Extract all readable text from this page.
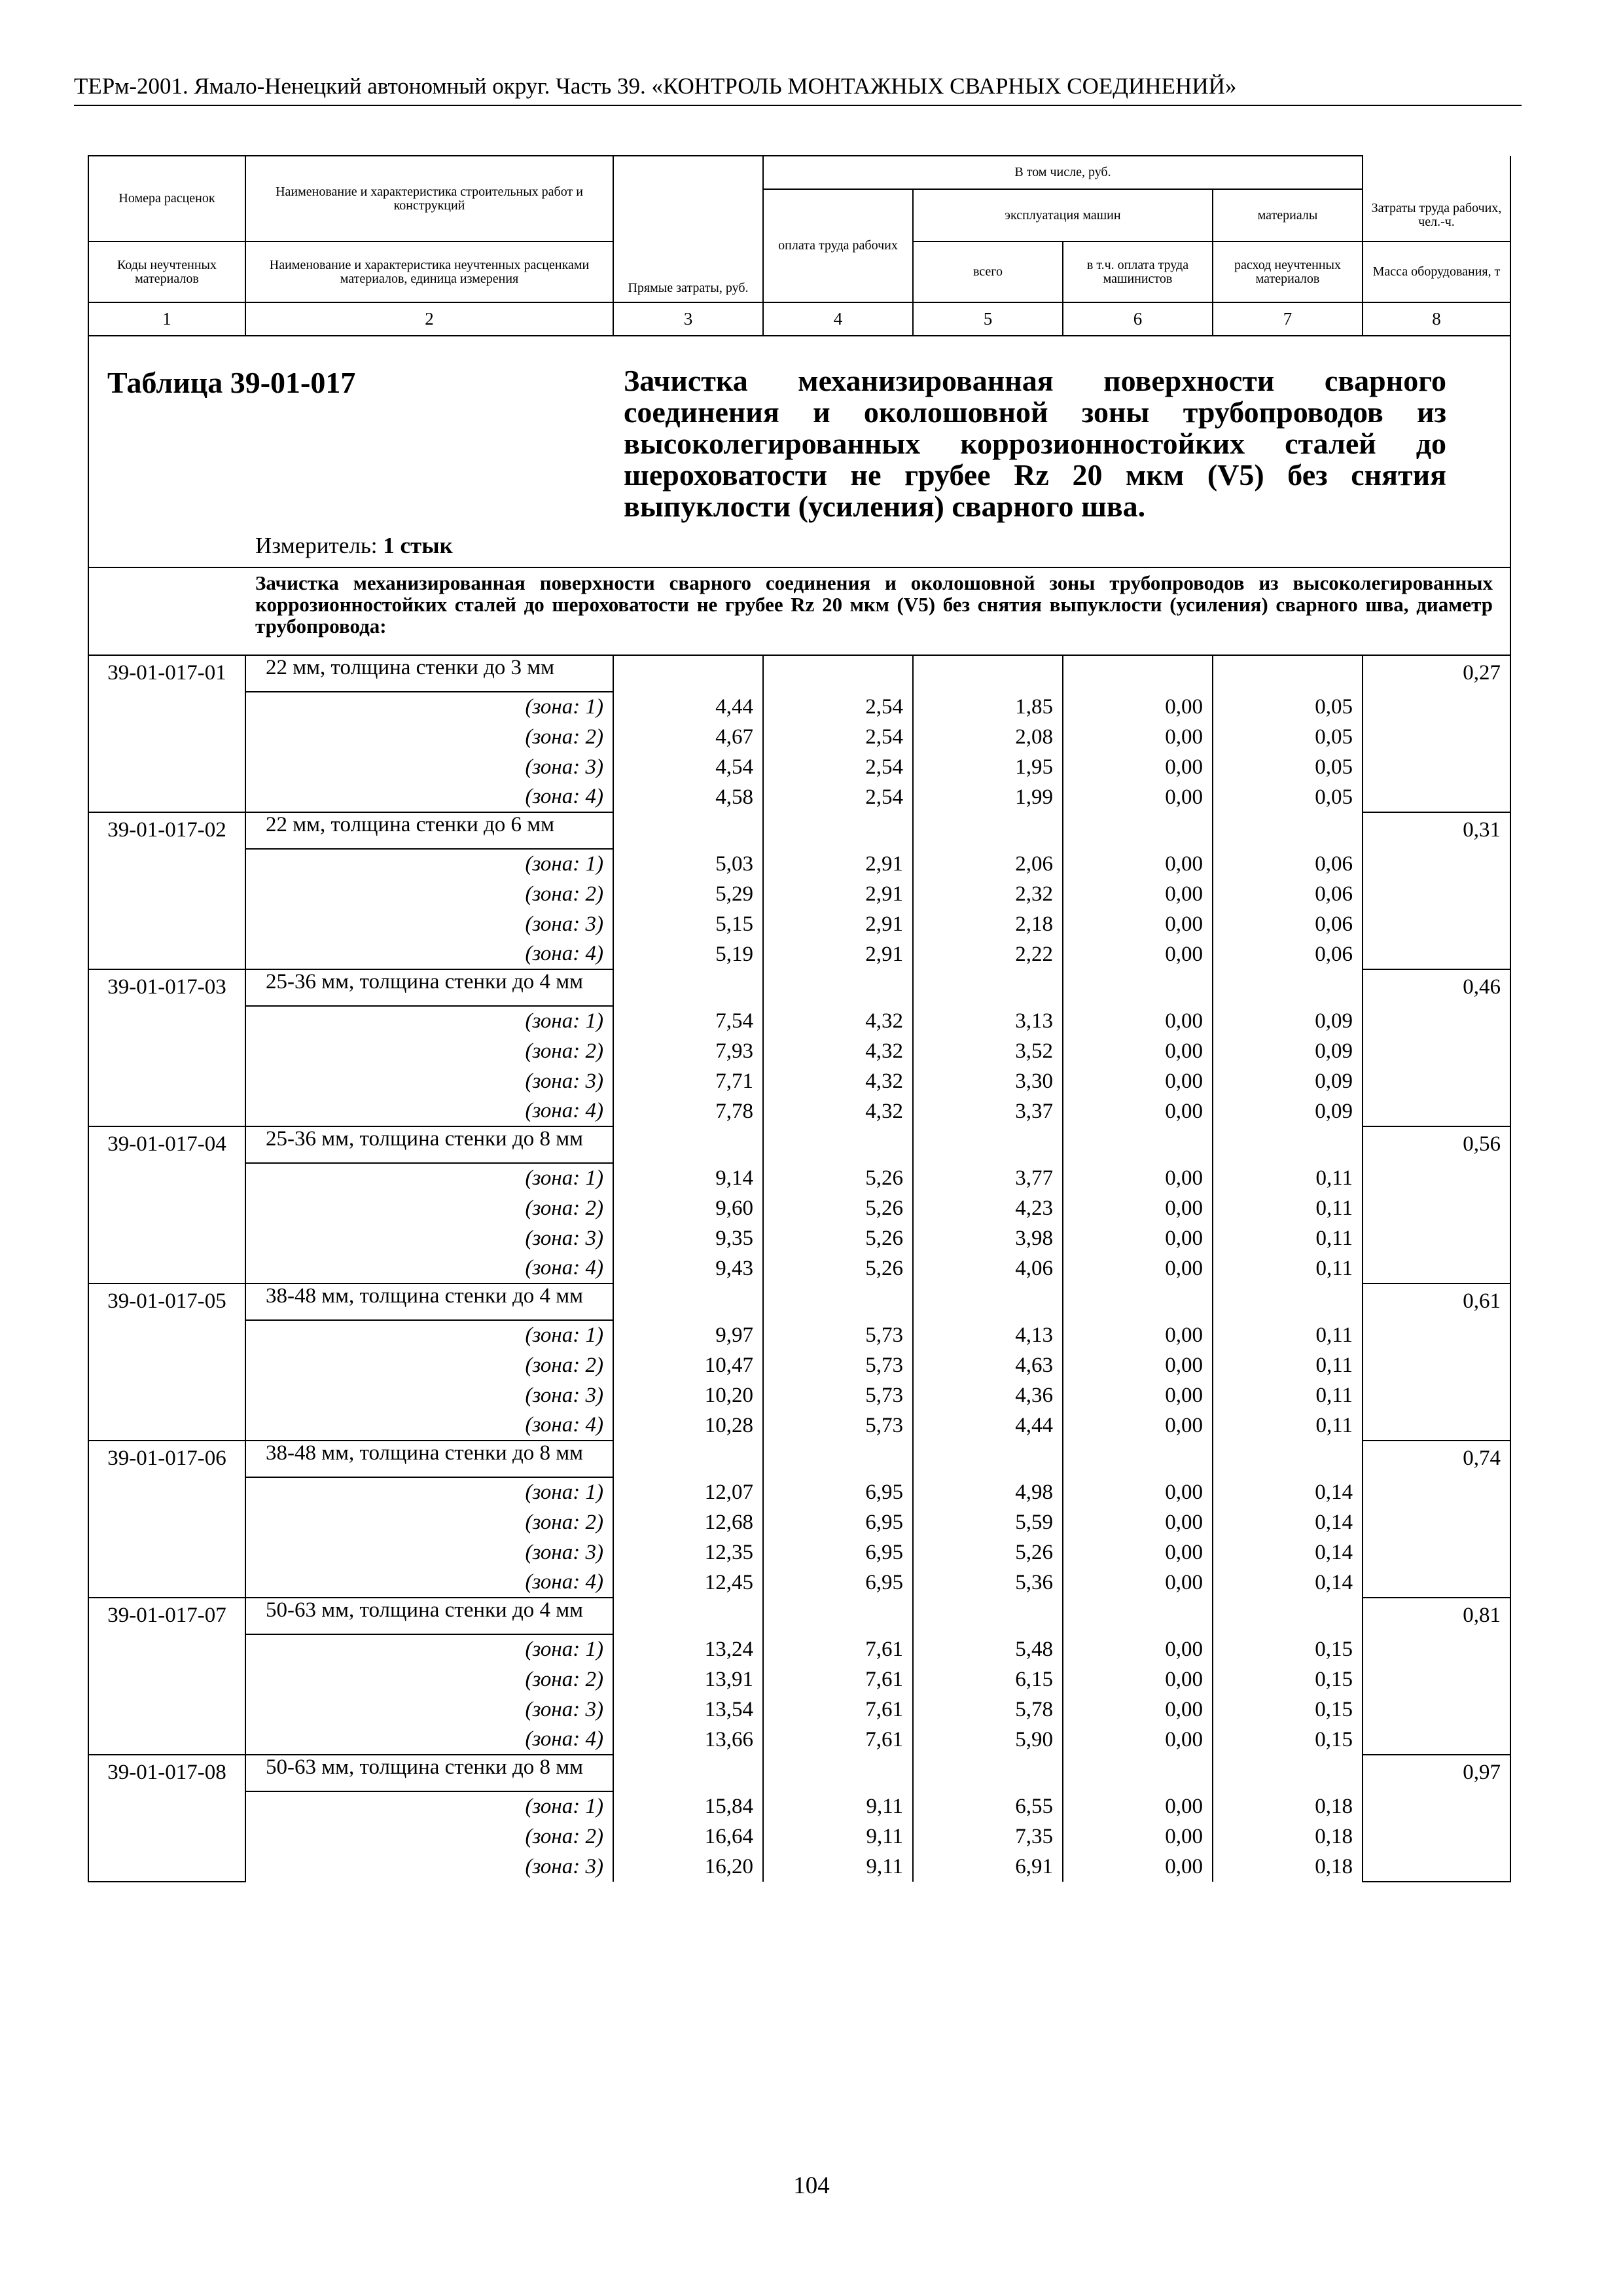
ТЕРм-2001. Ямало-Ненецкий автономный округ. Часть 39. «КОНТРОЛЬ МОНТАЖНЫХ СВАРНЫХ СОЕДИНЕНИЙ»
Номера расценок	Наименование и характеристика строительных работ и конструкций	Прямые затраты, руб.	В том числе, руб.				
			оплата труда рабочих	эксплуатация машин		материалы	Затраты труда рабочих, чел.-ч.
Коды неучтенных материалов	Наименование и характеристика неучтенных расценками материалов, единица измерения			всего	в т.ч. оплата труда машинистов	расход неучтенных материалов	Масса оборудования, т
1	2	3	4	5	6	7	8

Таблица 39-01-017 Зачистка механизированная поверхности сварного соединения и околошовной зоны трубопроводов из высоколегированных коррозионностойких сталей до шероховатости не грубее Rz 20 мкм (V5) без снятия выпуклости (усиления) сварного шва.
Измеритель: 1 стык							

Зачистка механизированная поверхности сварного соединения и околошовной зоны трубопроводов из высоколегированных коррозионностойких сталей до шероховатости не грубее Rz 20 мкм (V5) без снятия выпуклости (усиления) сварного шва, диаметр трубопровода:							
39-01-017-01	22 мм, толщина стенки до 3 мм						0,27
	(зона: 1)	4,44	2,54	1,85	0,00	0,05	
	(зона: 2)	4,67	2,54	2,08	0,00	0,05	
	(зона: 3)	4,54	2,54	1,95	0,00	0,05	
	(зона: 4)	4,58	2,54	1,99	0,00	0,05	
39-01-017-02	22 мм, толщина стенки до 6 мм						0,31
	(зона: 1)	5,03	2,91	2,06	0,00	0,06	
	(зона: 2)	5,29	2,91	2,32	0,00	0,06	
	(зона: 3)	5,15	2,91	2,18	0,00	0,06	
	(зона: 4)	5,19	2,91	2,22	0,00	0,06	
39-01-017-03	25-36 мм, толщина стенки до 4 мм						0,46
	(зона: 1)	7,54	4,32	3,13	0,00	0,09	
	(зона: 2)	7,93	4,32	3,52	0,00	0,09	
	(зона: 3)	7,71	4,32	3,30	0,00	0,09	
	(зона: 4)	7,78	4,32	3,37	0,00	0,09	
39-01-017-04	25-36 мм, толщина стенки до 8 мм						0,56
	(зона: 1)	9,14	5,26	3,77	0,00	0,11	
	(зона: 2)	9,60	5,26	4,23	0,00	0,11	
	(зона: 3)	9,35	5,26	3,98	0,00	0,11	
	(зона: 4)	9,43	5,26	4,06	0,00	0,11	
39-01-017-05	38-48 мм, толщина стенки до 4 мм						0,61
	(зона: 1)	9,97	5,73	4,13	0,00	0,11	
	(зона: 2)	10,47	5,73	4,63	0,00	0,11	
	(зона: 3)	10,20	5,73	4,36	0,00	0,11	
	(зона: 4)	10,28	5,73	4,44	0,00	0,11	
39-01-017-06	38-48 мм, толщина стенки до 8 мм						0,74
	(зона: 1)	12,07	6,95	4,98	0,00	0,14	
	(зона: 2)	12,68	6,95	5,59	0,00	0,14	
	(зона: 3)	12,35	6,95	5,26	0,00	0,14	
	(зона: 4)	12,45	6,95	5,36	0,00	0,14	
39-01-017-07	50-63 мм, толщина стенки до 4 мм						0,81
	(зона: 1)	13,24	7,61	5,48	0,00	0,15	
	(зона: 2)	13,91	7,61	6,15	0,00	0,15	
	(зона: 3)	13,54	7,61	5,78	0,00	0,15	
	(зона: 4)	13,66	7,61	5,90	0,00	0,15	
39-01-017-08	50-63 мм, толщина стенки до 8 мм						0,97
	(зона: 1)	15,84	9,11	6,55	0,00	0,18	
	(зона: 2)	16,64	9,11	7,35	0,00	0,18	
	(зона: 3)	16,20	9,11	6,91	0,00	0,18	
104
